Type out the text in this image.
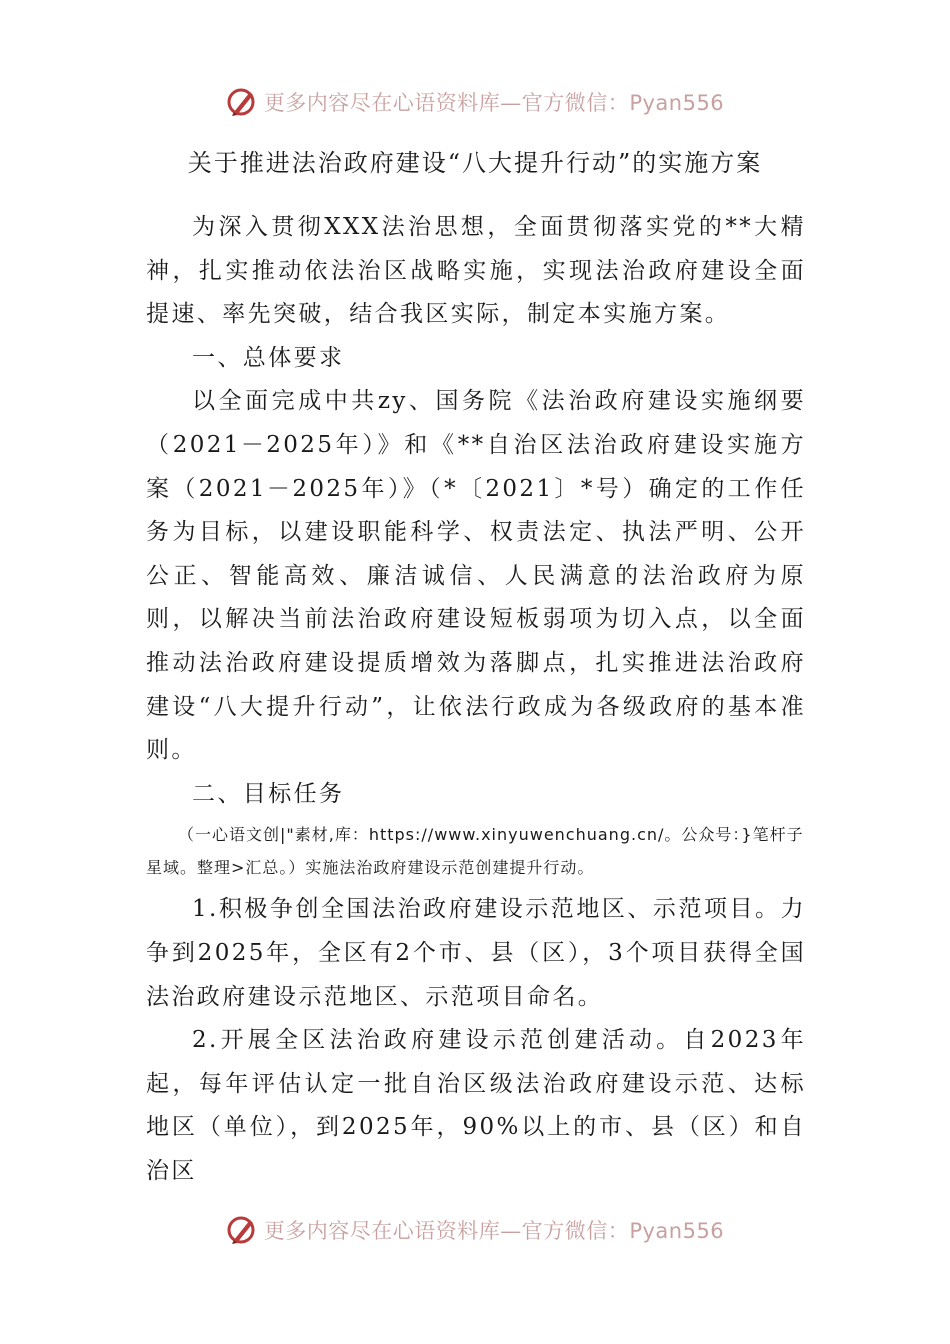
更多内容尽在心语资料库—官方微信：Pyan556
关于推进法治政府建设“八大提升行动”的实施方案

为深入贯彻XXX法治思想，全面贯彻落实党的**大精神，扎实推动依法治区战略实施，实现法治政府建设全面提速、率先突破，结合我区实际，制定本实施方案。

一、总体要求

以全面完成中共zy、国务院《法治政府建设实施纲要（2021－2025年）》和《**自治区法治政府建设实施方案（2021－2025年）》（*〔2021〕*号）确定的工作任务为目标，以建设职能科学、权责法定、执法严明、公开公正、智能高效、廉洁诚信、人民满意的法治政府为原则，以解决当前法治政府建设短板弱项为切入点，以全面推动法治政府建设提质增效为落脚点，扎实推进法治政府建设“八大提升行动”，让依法行政成为各级政府的基本准则。

二、目标任务

（一心语文创|"素材,库：https://www.xinyuwenchuang.cn/。公众号：}笔杆子星域。整理>汇总。）实施法治政府建设示范创建提升行动。

1.积极争创全国法治政府建设示范地区、示范项目。力争到2025年，全区有2个市、县（区），3个项目获得全国法治政府建设示范地区、示范项目命名。

2.开展全区法治政府建设示范创建活动。自2023年起，每年评估认定一批自治区级法治政府建设示范、达标地区（单位），到2025年，90%以上的市、县（区）和自治区

更多内容尽在心语资料库—官方微信：Pyan556
